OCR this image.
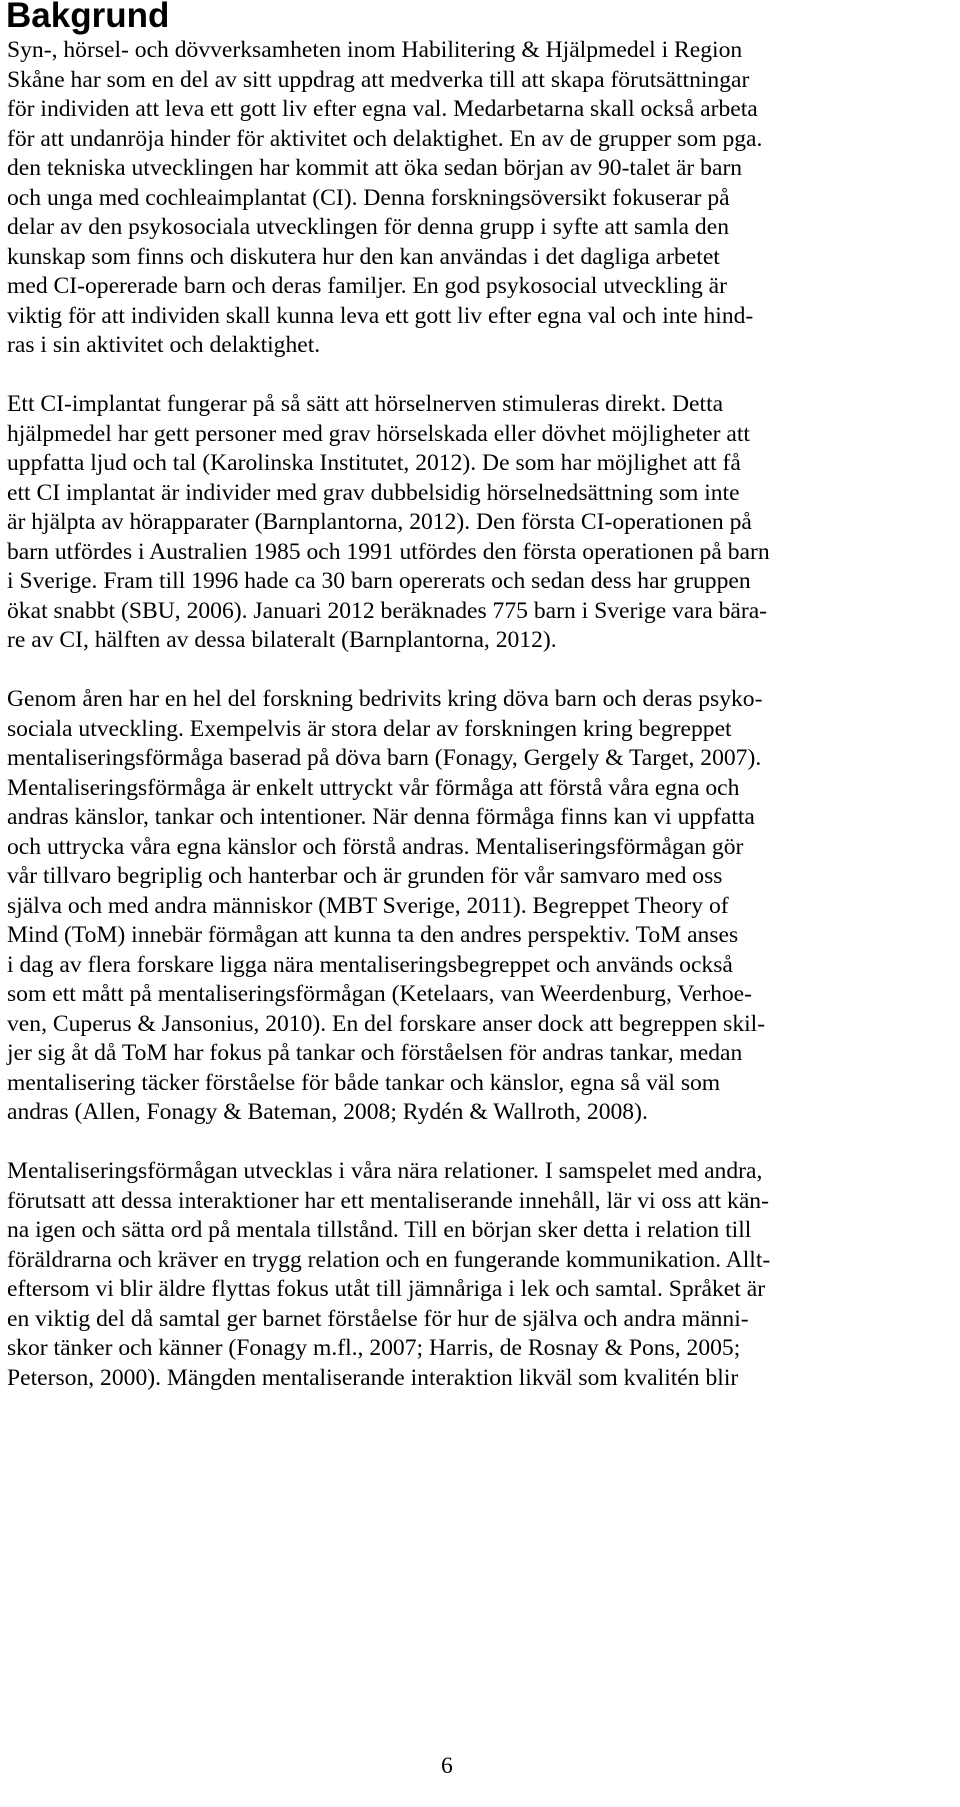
Bakgrund

Syn-, hörsel- och dövverksamheten inom Habilitering & Hjälpmedel i Region
Skåne har som en del av sitt uppdrag att medverka till att skapa förutsättningar
för individen att leva ett gott liv efter egna val. Medarbetarna skall också arbeta
för att undanröja hinder för aktivitet och delaktighet. En av de grupper som pga.
den tekniska utvecklingen har kommit att öka sedan början av 90-talet är barn
och unga med cochleaimplantat (CI). Denna forskningsöversikt fokuserar på
delar av den psykosociala utvecklingen för denna grupp i syfte att samla den
kunskap som finns och diskutera hur den kan användas i det dagliga arbetet
med CI-opererade barn och deras familjer. En god psykosocial utveckling är
viktig för att individen skall kunna leva ett gott liv efter egna val och inte hind-
ras i sin aktivitet och delaktighet.

Ett CI-implantat fungerar på så sätt att hörselnerven stimuleras direkt. Detta
hjälpmedel har gett personer med grav hörselskada eller dövhet möjligheter att
uppfatta ljud och tal (Karolinska Institutet, 2012). De som har möjlighet att få
ett CI implantat är individer med grav dubbelsidig hörselnedsättning som inte
är hjälpta av hörapparater (Barnplantorna, 2012). Den första CI-operationen på
barn utfördes i Australien 1985 och 1991 utfördes den första operationen på barn
i Sverige. Fram till 1996 hade ca 30 barn opererats och sedan dess har gruppen
ökat snabbt (SBU, 2006). Januari 2012 beräknades 775 barn i Sverige vara bära-
re av CI, hälften av dessa bilateralt (Barnplantorna, 2012).

Genom åren har en hel del forskning bedrivits kring döva barn och deras psyko-
sociala utveckling. Exempelvis är stora delar av forskningen kring begreppet
mentaliseringsförmåga baserad på döva barn (Fonagy, Gergely & Target, 2007).
Mentaliseringsförmåga är enkelt uttryckt vår förmåga att förstå våra egna och
andras känslor, tankar och intentioner. När denna förmåga finns kan vi uppfatta
och uttrycka våra egna känslor och förstå andras. Mentaliseringsförmågan gör
vår tillvaro begriplig och hanterbar och är grunden för vår samvaro med oss
själva och med andra människor (MBT Sverige, 2011). Begreppet Theory of
Mind (ToM) innebär förmågan att kunna ta den andres perspektiv. ToM anses
i dag av flera forskare ligga nära mentaliseringsbegreppet och används också
som ett mått på mentaliseringsförmågan (Ketelaars, van Weerdenburg, Verhoe-
ven, Cuperus & Jansonius, 2010). En del forskare anser dock att begreppen skil-
jer sig åt då ToM har fokus på tankar och förståelsen för andras tankar, medan
mentalisering täcker förståelse för både tankar och känslor, egna så väl som
andras (Allen, Fonagy & Bateman, 2008; Rydén & Wallroth, 2008).

Mentaliseringsförmågan utvecklas i våra nära relationer. I samspelet med andra,
förutsatt att dessa interaktioner har ett mentaliserande innehåll, lär vi oss att kän-
na igen och sätta ord på mentala tillstånd. Till en början sker detta i relation till
föräldrarna och kräver en trygg relation och en fungerande kommunikation. Allt-
eftersom vi blir äldre flyttas fokus utåt till jämnåriga i lek och samtal. Språket är
en viktig del då samtal ger barnet förståelse för hur de själva och andra männi-
skor tänker och känner (Fonagy m.fl., 2007; Harris, de Rosnay & Pons, 2005;
Peterson, 2000). Mängden mentaliserande interaktion likväl som kvalitén blir

6
